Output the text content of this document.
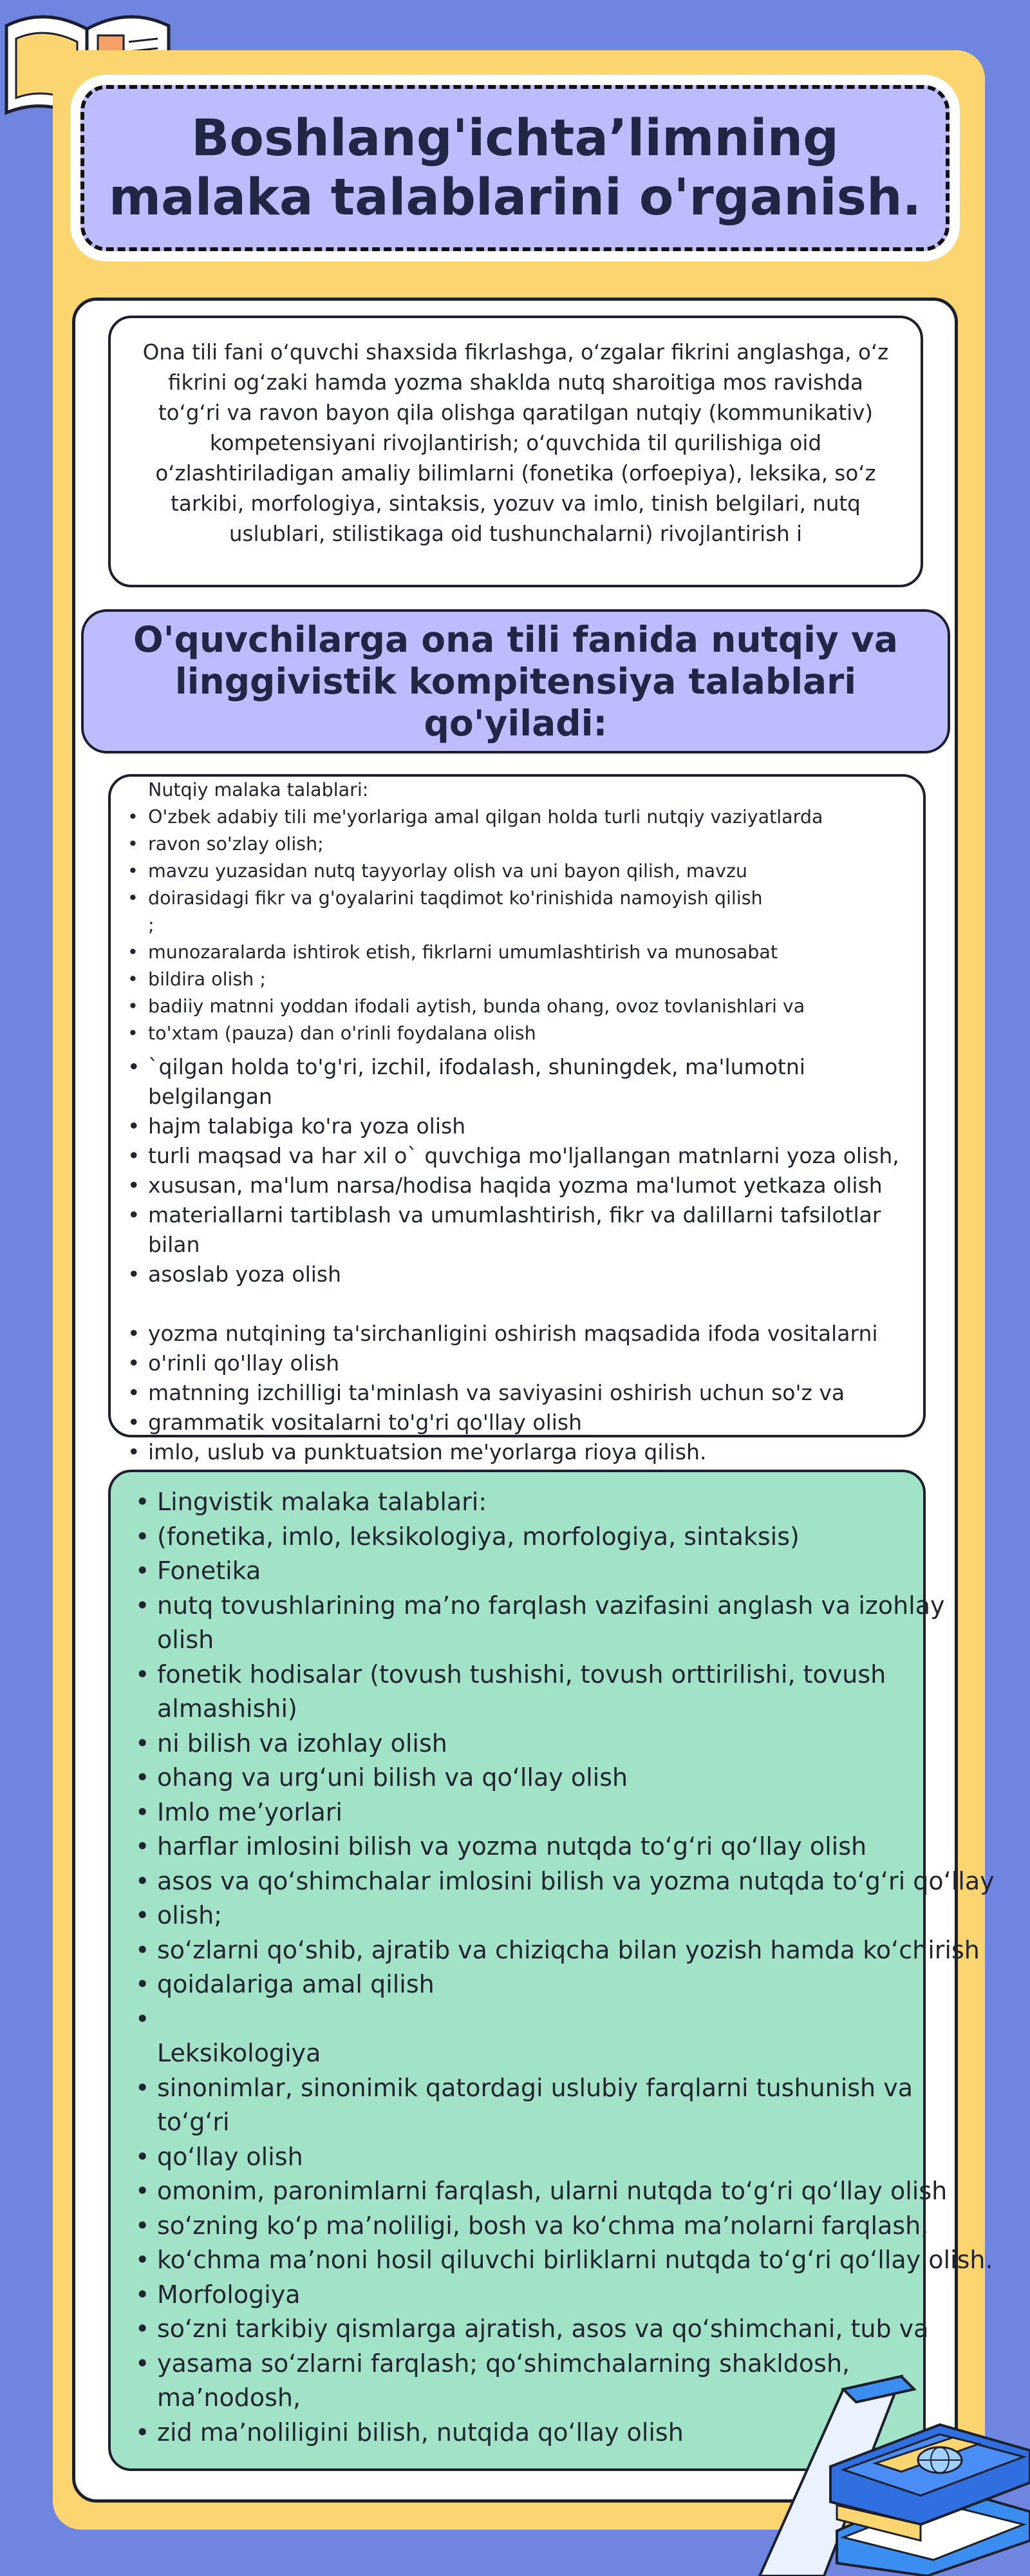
Boshlang'ichta’limning malaka talablarini o'rganish.

Ona tili fani oʻquvchi shaxsida fikrlashga, oʻzgalar fikrini anglashga, oʻz fikrini ogʻzaki hamda yozma shaklda nutq sharoitiga mos ravishda toʻgʻri va ravon bayon qila olishga qaratilgan nutqiy (kommunikativ) kompetensiyani rivojlantirish; oʻquvchida til qurilishiga oid oʻzlashtiriladigan amaliy bilimlarni (fonetika (orfoepiya), leksika, soʻz tarkibi, morfologiya, sintaksis, yozuv va imlo, tinish belgilari, nutq uslublari, stilistikaga oid tushunchalarni) rivojlantirish i

O'quvchilarga ona tili fanida nutqiy va linggivistik kompitensiya talablari qo'yiladi:
Nutqiy malaka talablari:
• O'zbek adabiy tili me'yorlariga amal qilgan holda turli nutqiy vaziyatlarda
• ravon so'zlay olish;
• mavzu yuzasidan nutq tayyorlay olish va uni bayon qilish, mavzu
• doirasidagi fikr va g'oyalarini taqdimot ko'rinishida namoyish qilish
;
• munozaralarda ishtirok etish, fikrlarni umumlashtirish va munosabat
• bildira olish ;
• badiiy matnni yoddan ifodali aytish, bunda ohang, ovoz tovlanishlari va
• to'xtam (pauza) dan o'rinli foydalana olish
• `qilgan holda to'g'ri, izchil, ifodalash, shuningdek, ma'lumotni belgilangan
• hajm talabiga ko'ra yoza olish
• turli maqsad va har xil o` quvchiga mo'ljallangan matnlarni yoza olish,
• xususan, ma'lum narsa/hodisa haqida yozma ma'lumot yetkaza olish
• materiallarni tartiblash va umumlashtirish, fikr va dalillarni tafsilotlar bilan
• asoslab yoza olish
• yozma nutqining ta'sirchanligini oshirish maqsadida ifoda vositalarni
• o'rinli qo'llay olish
• matnning izchilligi ta'minlash va saviyasini oshirish uchun so'z va
• grammatik vositalarni to'g'ri qo'llay olish
• imlo, uslub va punktuatsion me'yorlarga rioya qilish.
• Lingvistik malaka talablari:
• (fonetika, imlo, leksikologiya, morfologiya, sintaksis)
• Fonetika
• nutq tovushlarining ma’no farqlash vazifasini anglash va izohlay
olish
• fonetik hodisalar (tovush tushishi, tovush orttirilishi, tovush
almashishi)
• ni bilish va izohlay olish
• ohang va urgʻuni bilish va qoʻllay olish
• Imlo me’yorlari
• harflar imlosini bilish va yozma nutqda toʻgʻri qoʻllay olish
• asos va qoʻshimchalar imlosini bilish va yozma nutqda toʻgʻri qoʻllay
• olish;
• soʻzlarni qoʻshib, ajratib va chiziqcha bilan yozish hamda koʻchirish
• qoidalariga amal qilish
•
Leksikologiya
• sinonimlar, sinonimik qatordagi uslubiy farqlarni tushunish va
toʻgʻri
• qoʻllay olish
• omonim, paronimlarni farqlash, ularni nutqda toʻgʻri qoʻllay olish
• soʻzning koʻp maʼnoliligi, bosh va koʻchma maʼnolarni farqlash,
• koʻchma maʼnoni hosil qiluvchi birliklarni nutqda toʻgʻri qoʻllay olish.
• Morfologiya
• soʻzni tarkibiy qismlarga ajratish, asos va qoʻshimchani, tub va
• yasama soʻzlarni farqlash; qoʻshimchalarning shakldosh,
maʼnodosh,
• zid maʼnoliligini bilish, nutqida qoʻllay olish
